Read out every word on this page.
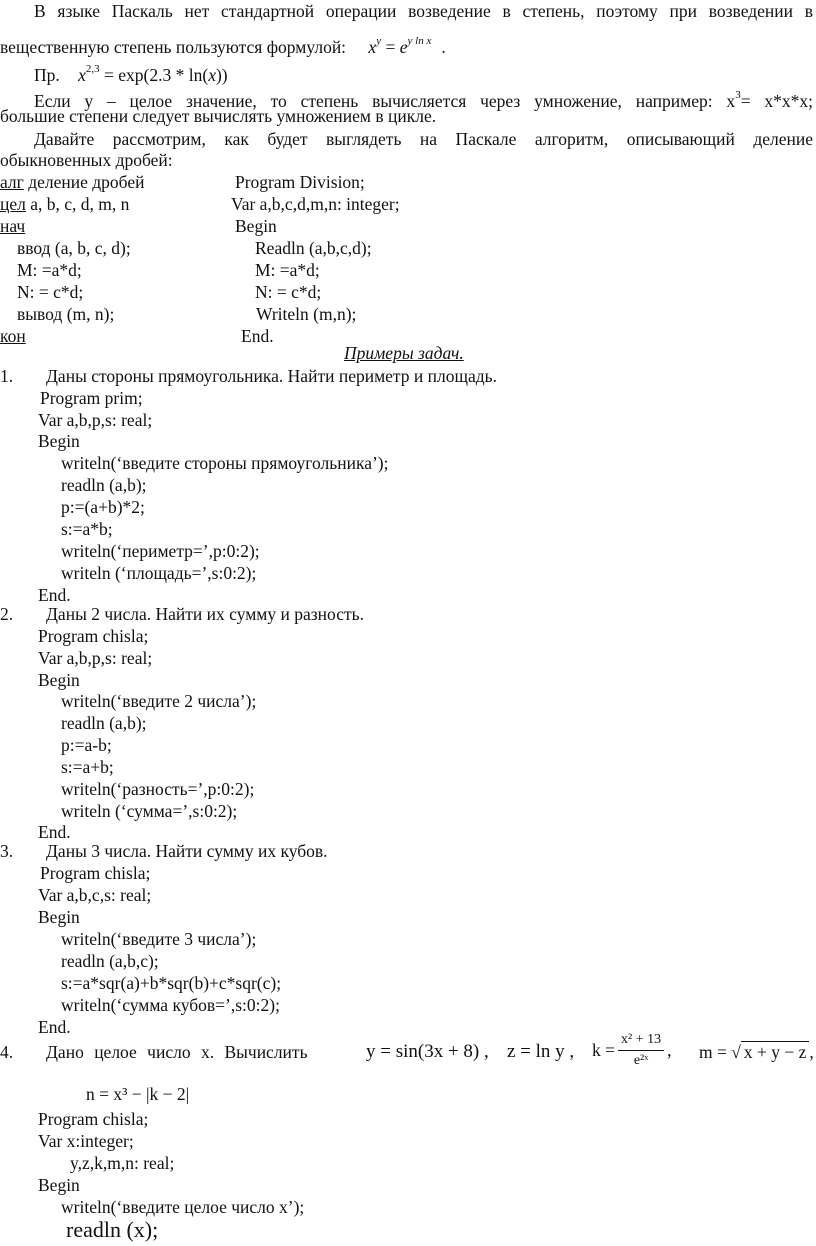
В языке Паскаль нет стандартной операции возведение в степень, поэтому при возведении в
вещественную степень пользуются формулой: $x^y = e^{y ln x}$ .
Пр. $x^{2,3} = \exp(2.3 * \ln(x))$
Если y – целое значение, то степень вычисляется через умножение, например: $x^3= x*x*x$;
большие степени следует вычислять умножением в цикле.
Давайте рассмотрим, как будет выглядеть на Паскале алгоритм, описывающий деление
обыкновенных дробей:
алг деление дробей
цел a, b, c, d, m, n
нач
ввод (a, b, c, d);
M: =a*d;
N: = c*d;
вывод (m, n);
кон
Program Division;
Var a,b,c,d,m,n: integer;
Begin
Readln (a,b,c,d);
M: =a*d;
N: = c*d;
Writeln (m,n);
End.
Примеры задач.
1. Даны стороны прямоугольника. Найти периметр и площадь.
Program prim;
Var a,b,p,s: real;
Begin
writeln(‘введите стороны прямоугольника’);
readln (a,b);
p:=(a+b)*2;
s:=a*b;
writeln(‘периметр=’,p:0:2);
writeln (‘площадь=’,s:0:2);
End.
2. Даны 2 числа. Найти их сумму и разность.
Program chisla;
Var a,b,p,s: real;
Begin
writeln(‘введите 2 числа’);
readln (a,b);
p:=a-b;
s:=a+b;
writeln(‘разность=’,p:0:2);
writeln (‘сумма=’,s:0:2);
End.
3. Даны 3 числа. Найти сумму их кубов.
Program chisla;
Var a,b,c,s: real;
Begin
writeln(‘введите 3 числа’);
readln (a,b,c);
s:=a*sqr(a)+b*sqr(b)+c*sqr(c);
writeln(‘сумма кубов=’,s:0:2);
End.
4. Дано целое число x. Вычислить	y = sin(3x + 8) , z = ln y , $k = \frac{\text{x² + 13}}{\text{e²ˣ}}$ , m = √ x + y − z ,
n = x³ − |k − 2|
Program chisla;
Var x:integer;
y,z,k,m,n: real;
Begin
writeln(‘введите целое число x’);
readln (x);
